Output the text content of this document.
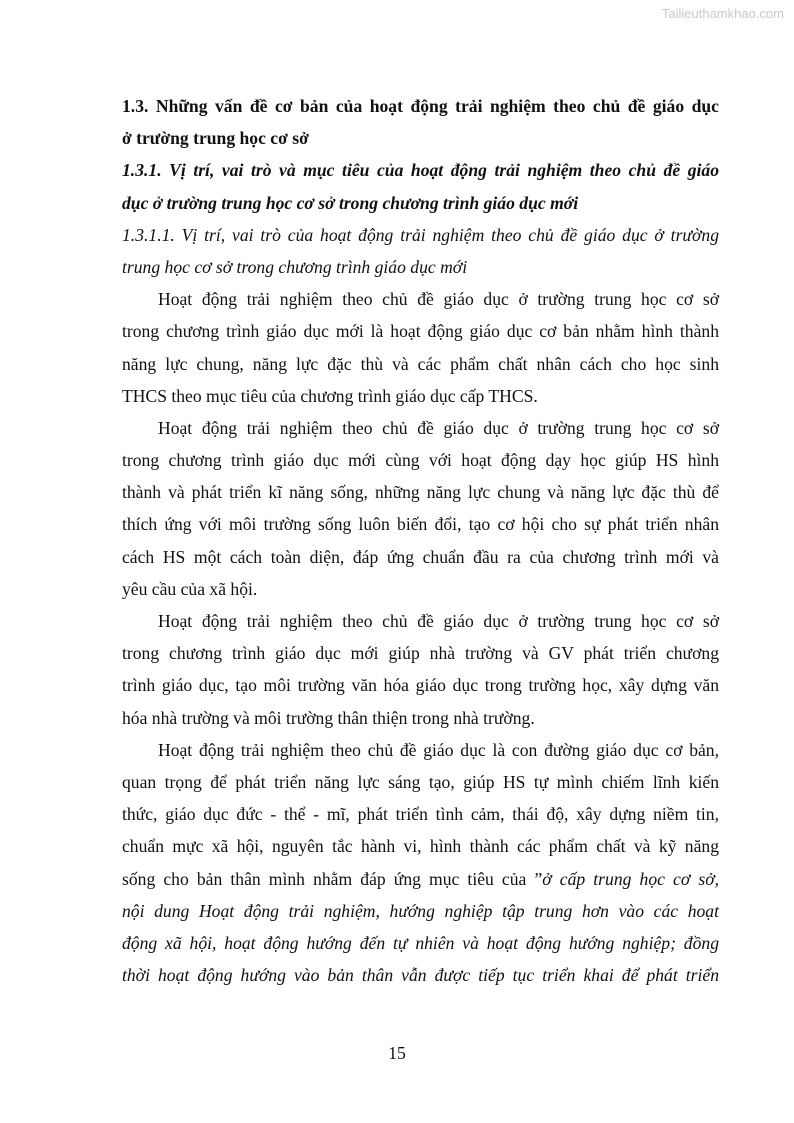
Tailieuthamkhao.com
1.3. Những vấn đề cơ bản của hoạt động trải nghiệm theo chủ đề giáo dục
ở trường trung học cơ sở
1.3.1. Vị trí, vai trò và mục tiêu của hoạt động trải nghiệm theo chủ đề giáo
dục ở trường trung học cơ sở trong chương trình giáo dục mới
1.3.1.1. Vị trí, vai trò của hoạt động trải nghiệm theo chủ đề giáo dục ở trường
trung học cơ sở trong chương trình giáo dục mới
Hoạt động trải nghiệm theo chủ đề giáo dục ở trường trung học cơ sở
trong chương trình giáo dục mới là hoạt động giáo dục cơ bản nhằm hình thành
năng lực chung, năng lực đặc thù và các phẩm chất nhân cách cho học sinh
THCS theo mục tiêu của chương trình giáo dục cấp THCS.
Hoạt động trải nghiệm theo chủ đề giáo dục ở trường trung học cơ sở
trong chương trình giáo dục mới cùng với hoạt động dạy học giúp HS hình
thành và phát triển kĩ năng sống, những năng lực chung và năng lực đặc thù để
thích ứng với môi trường sống luôn biến đổi, tạo cơ hội cho sự phát triển nhân
cách HS một cách toàn diện, đáp ứng chuẩn đầu ra của chương trình mới và
yêu cầu của xã hội.
Hoạt động trải nghiệm theo chủ đề giáo dục ở trường trung học cơ sở
trong chương trình giáo dục mới giúp nhà trường và GV phát triển chương
trình giáo dục, tạo môi trường văn hóa giáo dục trong trường học, xây dựng văn
hóa nhà trường và môi trường thân thiện trong nhà trường.
Hoạt động trải nghiệm theo chủ đề giáo dục là con đường giáo dục cơ bản,
quan trọng để phát triển năng lực sáng tạo, giúp HS tự mình chiếm lĩnh kiến
thức, giáo dục đức - thể - mĩ, phát triển tình cảm, thái độ, xây dựng niềm tin,
chuẩn mực xã hội, nguyên tắc hành vi, hình thành các phẩm chất và kỹ năng
sống cho bản thân mình nhằm đáp ứng mục tiêu của ”ở cấp trung học cơ sở,
nội dung Hoạt động trải nghiệm, hướng nghiệp tập trung hơn vào các hoạt
động xã hội, hoạt động hướng đến tự nhiên và hoạt động hướng nghiệp; đồng
thời hoạt động hướng vào bản thân vẫn được tiếp tục triển khai để phát triển
15
